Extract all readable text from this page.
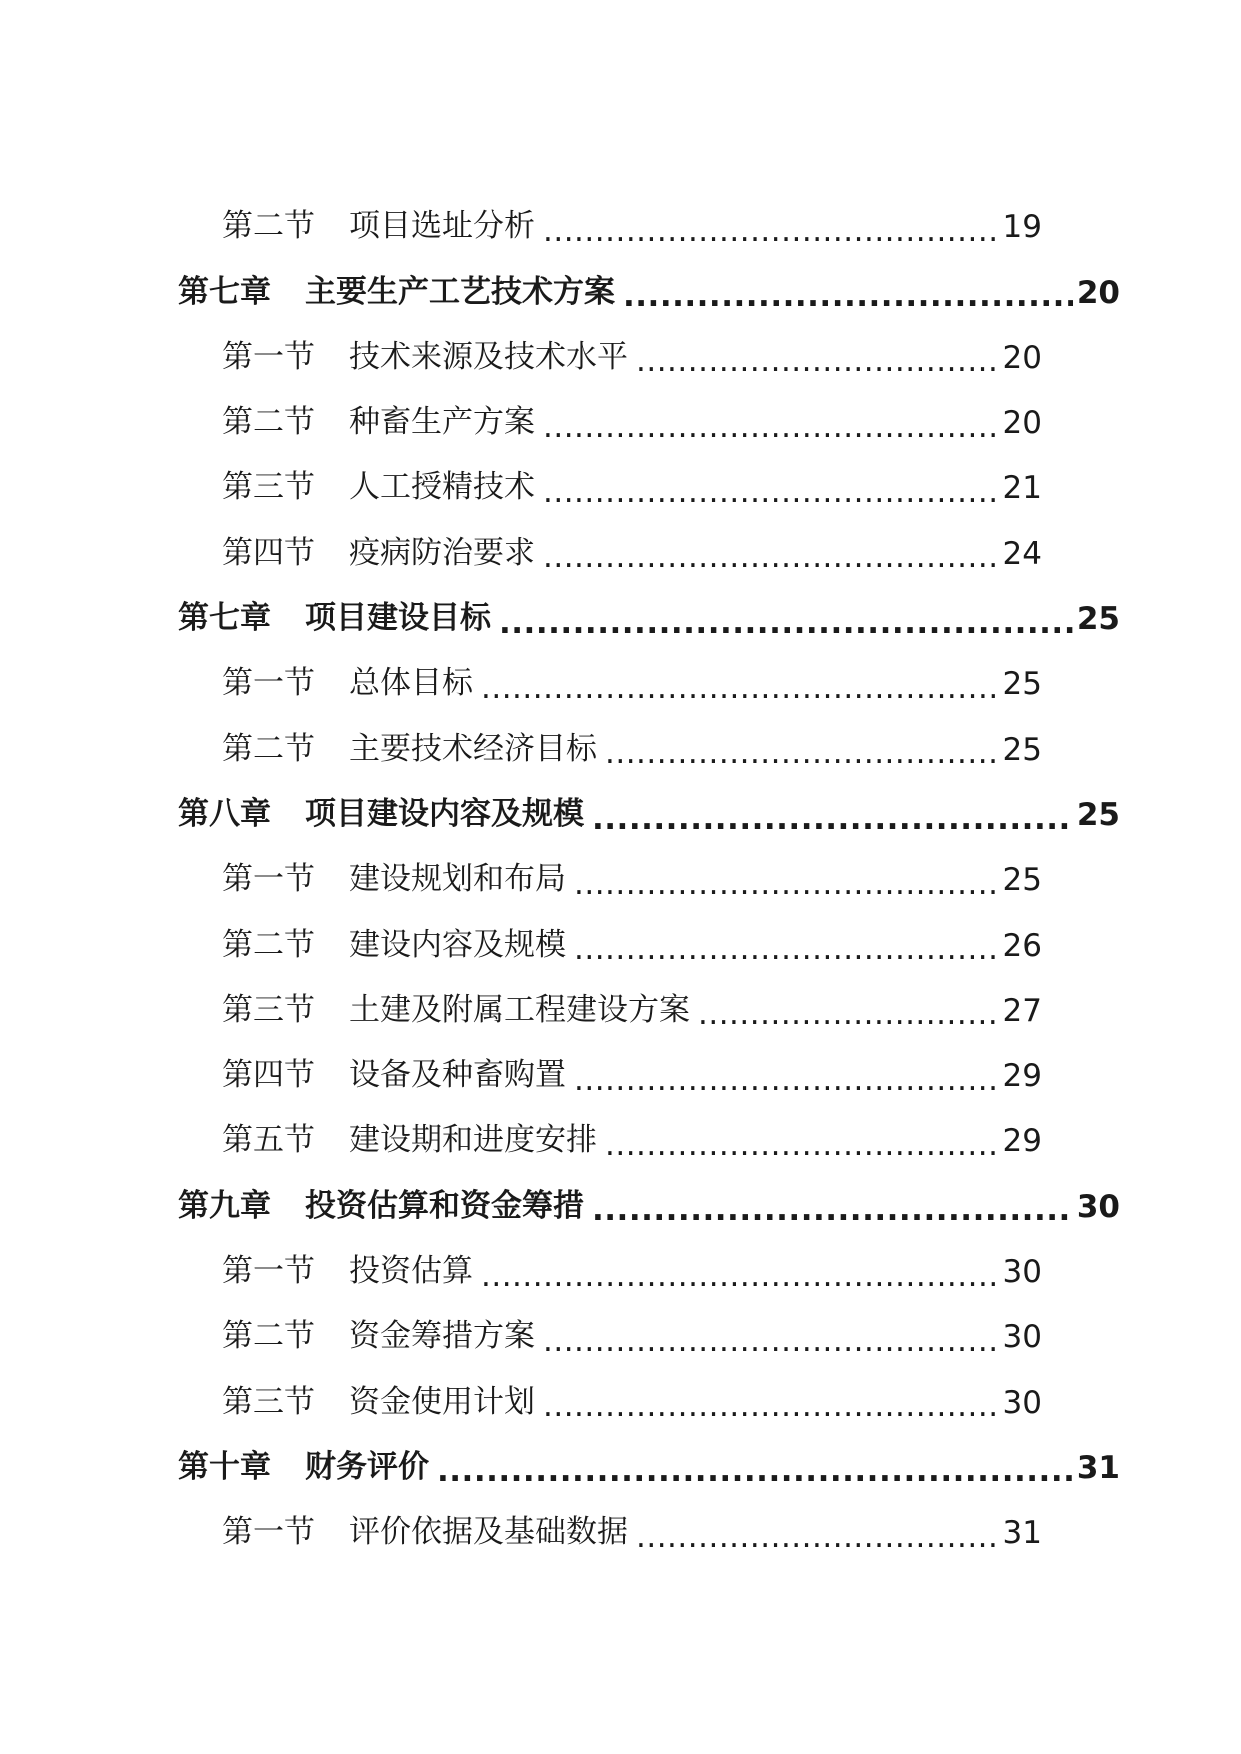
第二节 项目选址分析 .....	19
第七章 主要生产工艺技术方案 .....	20
第一节 技术来源及技术水平 .....	20
第二节 种畜生产方案 .....	20
第三节 人工授精技术 .....	21
第四节 疫病防治要求 .....	24
第七章 项目建设目标 .....	25
第一节 总体目标 .....	25
第二节 主要技术经济目标 .....	25
第八章 项目建设内容及规模 .....	25
第一节 建设规划和布局 .....	25
第二节 建设内容及规模 .....	26
第三节 土建及附属工程建设方案 .....	27
第四节 设备及种畜购置 .....	29
第五节 建设期和进度安排 .....	29
第九章 投资估算和资金筹措 .....	30
第一节 投资估算 .....	30
第二节 资金筹措方案 .....	30
第三节 资金使用计划 .....	30
第十章 财务评价 .....	31
第一节 评价依据及基础数据 .....	31
